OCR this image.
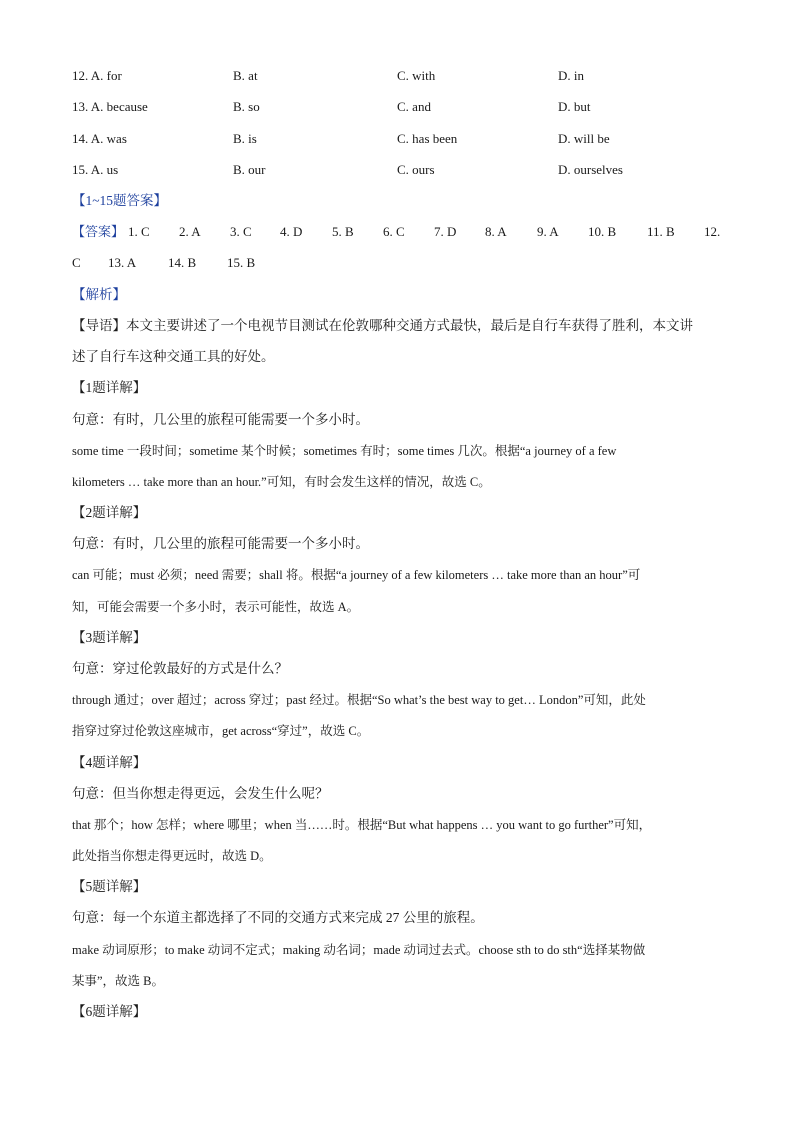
12. A. for	B. at	C. with	D. in
13. A. because	B. so	C. and	D. but
14. A. was	B. is	C. has been	D. will be
15. A. us	B. our	C. ours	D. ourselves
【1~15题答案】
【答案】 1. C 2. A 3. C 4. D 5. B 6. C 7. D 8. A 9. A 10. B 11. B 12.
C 13. A 14. B 15. B
【解析】
【导语】本文主要讲述了一个电视节目测试在伦敦哪种交通方式最快，最后是自行车获得了胜利，本文讲
述了自行车这种交通工具的好处。
【1题详解】
句意：有时，几公里的旅程可能需要一个多小时。
some time 一段时间；sometime 某个时候；sometimes 有时；some times 几次。根据“a journey of a few
kilometers … take more than an hour.”可知，有时会发生这样的情况，故选 C。
【2题详解】
句意：有时，几公里的旅程可能需要一个多小时。
can 可能；must 必须；need 需要；shall 将。根据“a journey of a few kilometers … take more than an hour”可
知，可能会需要一个多小时，表示可能性，故选 A。
【3题详解】
句意：穿过伦敦最好的方式是什么？
through 通过；over 超过；across 穿过；past 经过。根据“So what’s the best way to get… London”可知，此处
指穿过穿过伦敦这座城市，get across“穿过”，故选 C。
【4题详解】
句意：但当你想走得更远，会发生什么呢？
that 那个；how 怎样；where 哪里；when 当……时。根据“But what happens … you want to go further”可知，
此处指当你想走得更远时，故选 D。
【5题详解】
句意：每一个东道主都选择了不同的交通方式来完成 27 公里的旅程。
make 动词原形；to make 动词不定式；making 动名词；made 动词过去式。choose sth to do sth“选择某物做
某事”，故选 B。
【6题详解】
